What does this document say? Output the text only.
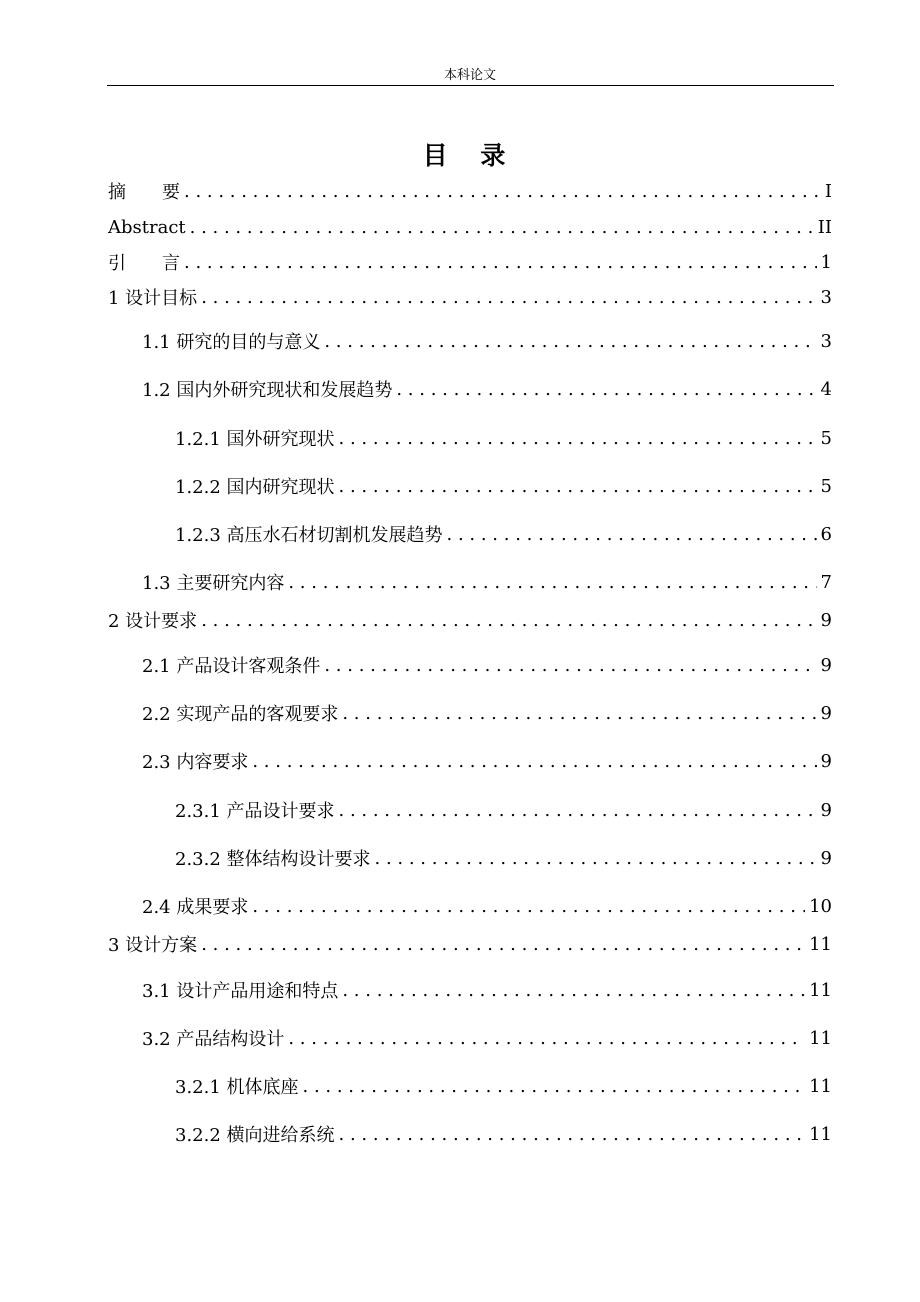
本科论文
目 录
摘　　要 . . .	I
Abstract . . .	II
引　　言 . . .	1
1 设计目标 . . .	3
1.1 研究的目的与意义 . . .	3
1.2 国内外研究现状和发展趋势 . . .	4
1.2.1 国外研究现状 . . .	5
1.2.2 国内研究现状 . . .	5
1.2.3 高压水石材切割机发展趋势 . . .	6
1.3 主要研究内容 . . .	7
2 设计要求 . . .	9
2.1 产品设计客观条件 . . .	9
2.2 实现产品的客观要求 . . .	9
2.3 内容要求 . . .	9
2.3.1 产品设计要求 . . .	9
2.3.2 整体结构设计要求 . . .	9
2.4 成果要求 . . .	10
3 设计方案 . . .	11
3.1 设计产品用途和特点 . . .	11
3.2 产品结构设计 . . .	11
3.2.1 机体底座 . . .	11
3.2.2 横向进给系统 . . .	11
